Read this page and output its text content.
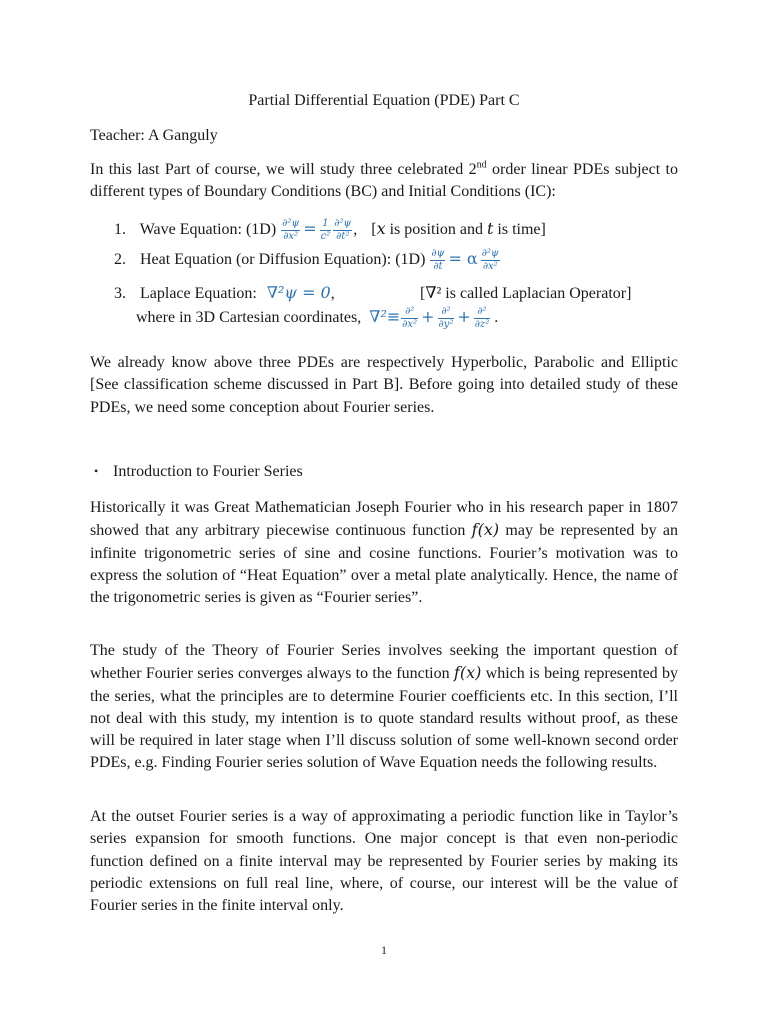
Partial Differential Equation (PDE) Part C
Teacher: A Ganguly

In this last Part of course, we will study three celebrated 2nd order linear PDEs subject to different types of Boundary Conditions (BC) and Initial Conditions (IC):

1. Wave Equation: $(1D) \frac{\text{∂²ψ}}{\text{∂x²}} = \frac{1}{\text{c²}} \frac{\text{∂²ψ}}{\text{∂t²}}$ , [x is position and t is time]
2. Heat Equation (or Diffusion Equation): $(1D) \frac{\partial\psi}{\partial t} = \alpha \frac{\text{∂²ψ}}{\text{∂x²}}$
3. Laplace Equation: ∇²ψ = 0,	[∇² is called Laplacian Operator]
where in 3D Cartesian coordinates, $\nabla^2\equiv \frac{\text{∂²}}{\text{∂x²}} + \frac{\text{∂²}}{\text{∂y²}} + \frac{\text{∂²}}{\text{∂z²}}$ .

We already know above three PDEs are respectively Hyperbolic, Parabolic and Elliptic [See classification scheme discussed in Part B]. Before going into detailed study of these PDEs, we need some conception about Fourier series.

• Introduction to Fourier Series

Historically it was Great Mathematician Joseph Fourier who in his research paper in 1807 showed that any arbitrary piecewise continuous function f(x) may be represented by an infinite trigonometric series of sine and cosine functions. Fourier’s motivation was to express the solution of “Heat Equation” over a metal plate analytically. Hence, the name of the trigonometric series is given as “Fourier series”.

The study of the Theory of Fourier Series involves seeking the important question of whether Fourier series converges always to the function f(x) which is being represented by the series, what the principles are to determine Fourier coefficients etc. In this section, I’ll not deal with this study, my intention is to quote standard results without proof, as these will be required in later stage when I’ll discuss solution of some well-known second order PDEs, e.g. Finding Fourier series solution of Wave Equation needs the following results.

At the outset Fourier series is a way of approximating a periodic function like in Taylor’s series expansion for smooth functions. One major concept is that even non-periodic function defined on a finite interval may be represented by Fourier series by making its periodic extensions on full real line, where, of course, our interest will be the value of Fourier series in the finite interval only.

1
